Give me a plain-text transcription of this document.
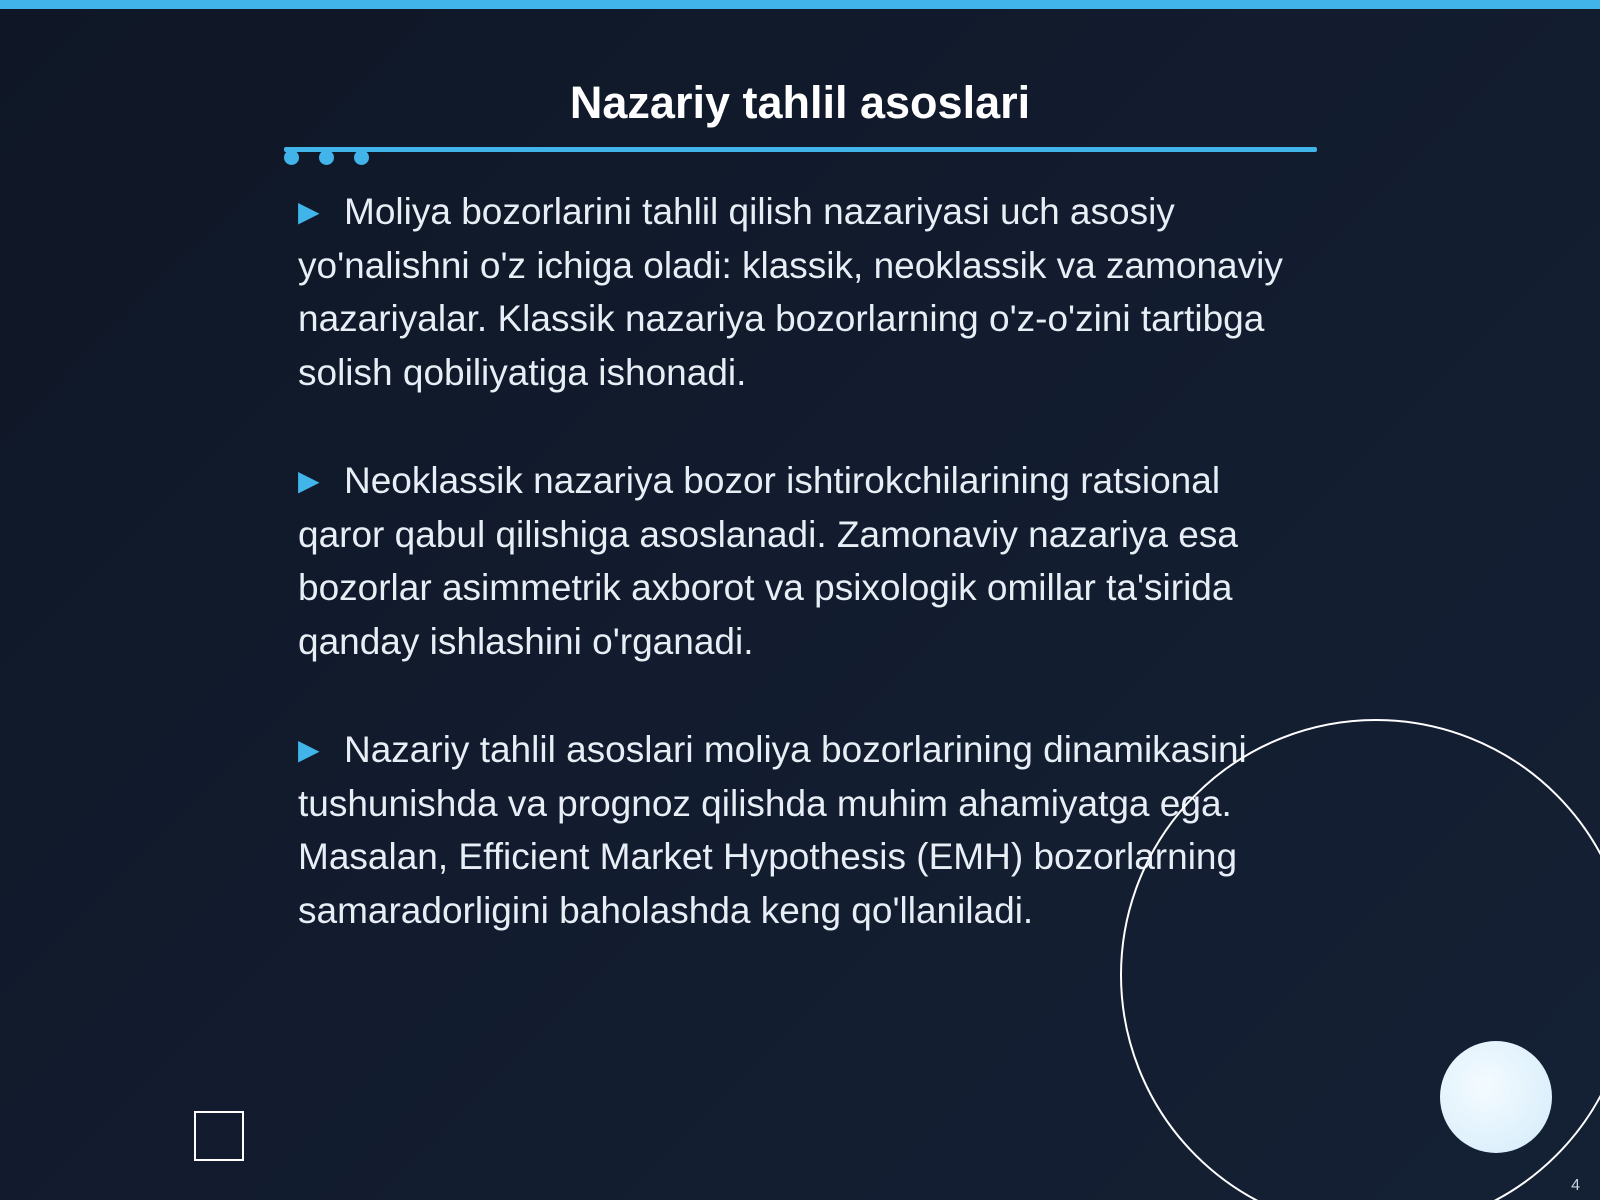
Nazariy tahlil asoslari

▶ Moliya bozorlarini tahlil qilish nazariyasi uch asosiy yo'nalishni o'z ichiga oladi: klassik, neoklassik va zamonaviy nazariyalar. Klassik nazariya bozorlarning o'z-o'zini tartibga solish qobiliyatiga ishonadi.

▶ Neoklassik nazariya bozor ishtirokchilarining ratsional qaror qabul qilishiga asoslanadi. Zamonaviy nazariya esa bozorlar asimmetrik axborot va psixologik omillar ta'sirida qanday ishlashini o'rganadi.

▶ Nazariy tahlil asoslari moliya bozorlarining dinamikasini tushunishda va prognoz qilishda muhim ahamiyatga ega. Masalan, Efficient Market Hypothesis (EMH) bozorlarning samaradorligini baholashda keng qo'llaniladi.

4
